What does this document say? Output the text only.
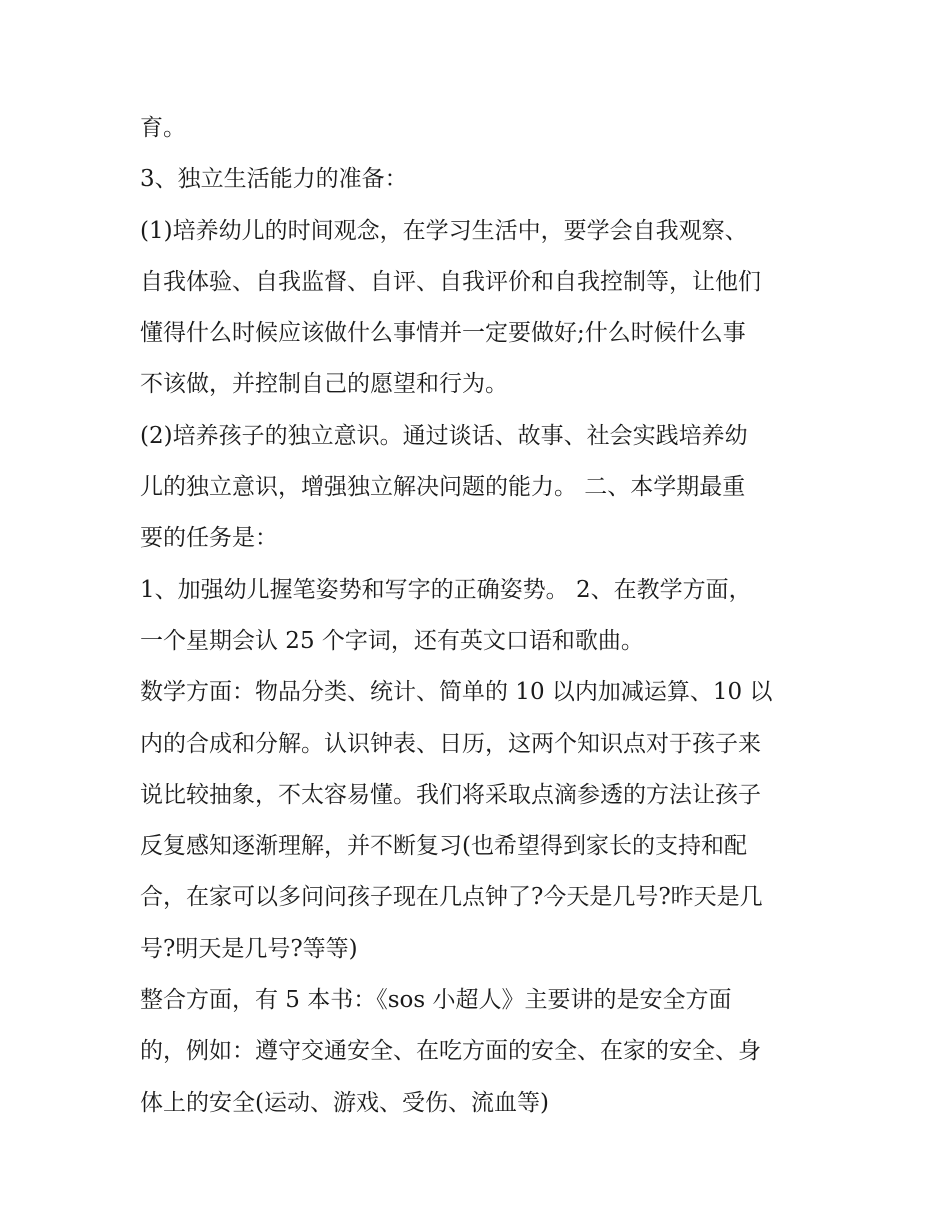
育。
3、独立生活能力的准备：
(1)培养幼儿的时间观念，在学习生活中，要学会自我观察、
自我体验、自我监督、自评、自我评价和自我控制等，让他们
懂得什么时候应该做什么事情并一定要做好;什么时候什么事
不该做，并控制自己的愿望和行为。
(2)培养孩子的独立意识。通过谈话、故事、社会实践培养幼
儿的独立意识，增强独立解决问题的能力。 二、本学期最重
要的任务是：
1、加强幼儿握笔姿势和写字的正确姿势。 2、在教学方面，
一个星期会认 25 个字词，还有英文口语和歌曲。
数学方面：物品分类、统计、简单的 10 以内加减运算、10 以
内的合成和分解。认识钟表、日历，这两个知识点对于孩子来
说比较抽象，不太容易懂。我们将采取点滴参透的方法让孩子
反复感知逐渐理解，并不断复习(也希望得到家长的支持和配
合，在家可以多问问孩子现在几点钟了?今天是几号?昨天是几
号?明天是几号?等等)
整合方面，有 5 本书：《sos 小超人》主要讲的是安全方面
的，例如：遵守交通安全、在吃方面的安全、在家的安全、身
体上的安全(运动、游戏、受伤、流血等)
